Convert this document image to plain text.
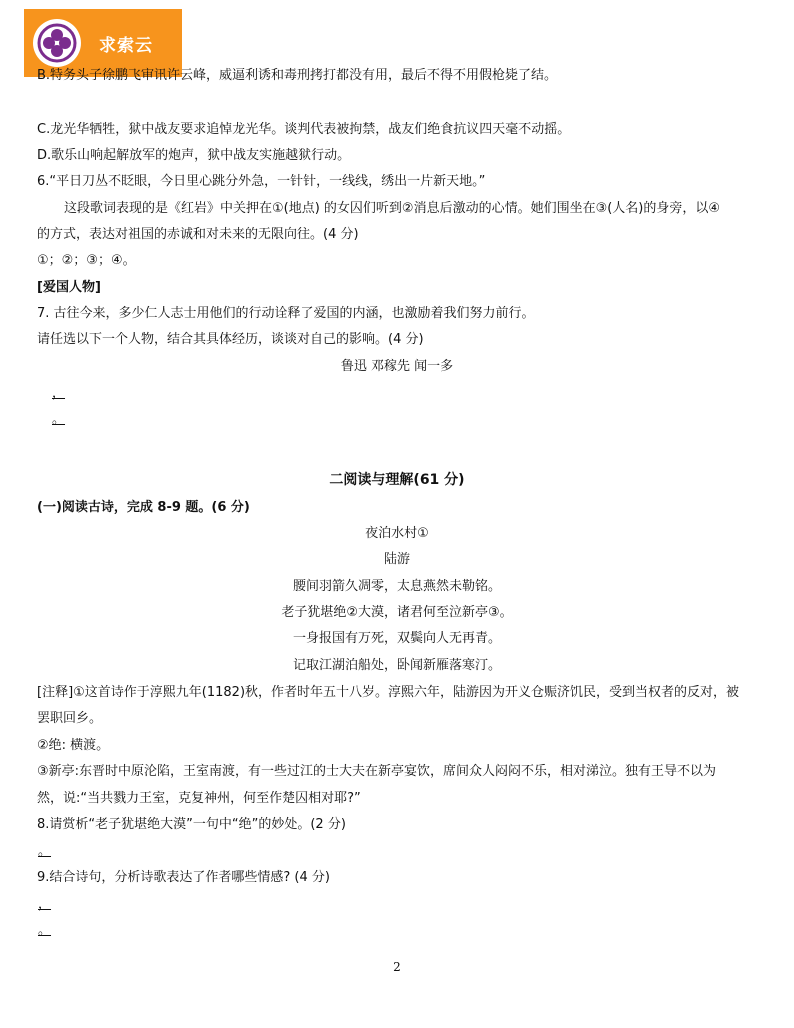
求索云
B.特务头子徐鹏飞审讯许云峰，威逼利诱和毒刑拷打都没有用，最后不得不用假枪毙了结。
C.龙光华牺牲，狱中战友要求追悼龙光华。谈判代表被拘禁，战友们绝食抗议四天毫不动摇。
D.歌乐山响起解放军的炮声，狱中战友实施越狱行动。
6.“平日刀丛不眨眼，今日里心跳分外急，一针针，一线线，绣出一片新天地。”
这段歌词表现的是《红岩》中关押在①(地点) 的女囚们听到②消息后激动的心情。她们围坐在③(人名)的身旁，以④
的方式，表达对祖国的赤诚和对未来的无限向往。(4 分)
①；②；③；④。
[爱国人物]
7. 古往今来，多少仁人志士用他们的行动诠释了爱国的内涵，也激励着我们努力前行。
请任选以下一个人物，结合其具体经历，谈谈对自己的影响。(4 分)
鲁迅 邓稼先 闻一多
，
。
二阅读与理解(61 分)
(一)阅读古诗，完成 8-9 题。(6 分)
夜泊水村①
陆游
腰间羽箭久凋零，太息燕然未勒铭。
老子犹堪绝②大漠，诸君何至泣新亭③。
一身报国有万死，双鬓向人无再青。
记取江湖泊船处，卧闻新雁落寒汀。
[注释]①这首诗作于淳熙九年(1182)秋，作者时年五十八岁。淳熙六年，陆游因为开义仓赈济饥民，受到当权者的反对，被
罢职回乡。
②绝: 横渡。
③新亭:东晋时中原沦陷，王室南渡，有一些过江的士大夫在新亭宴饮，席间众人闷闷不乐，相对涕泣。独有王导不以为
然，说:“当共戮力王室，克复神州，何至作楚囚相对耶?”
8.请赏析“老子犹堪绝大漠”一句中“绝”的妙处。(2 分)
。
9.结合诗句，分析诗歌表达了作者哪些情感? (4 分)
，
。
2
